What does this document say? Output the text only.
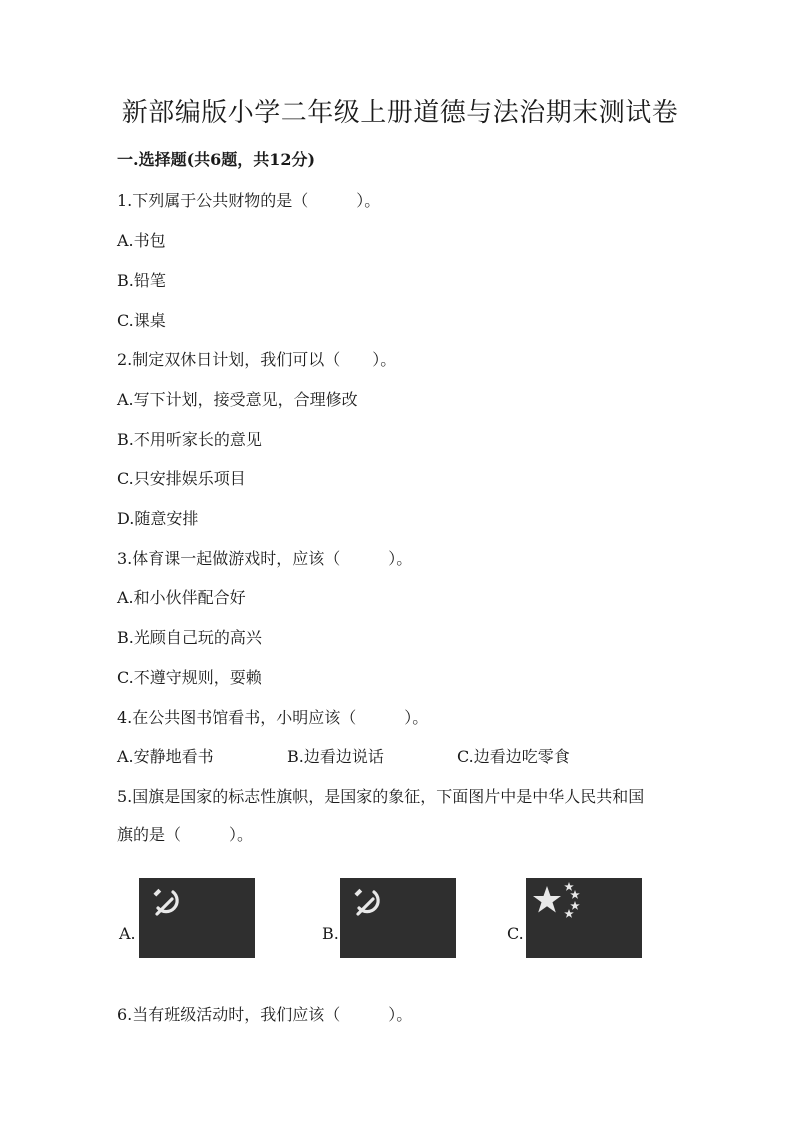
新部编版小学二年级上册道德与法治期末测试卷

一.选择题(共6题，共12分)

1.下列属于公共财物的是（　　　）。

A.书包

B.铅笔

C.课桌

2.制定双休日计划，我们可以（　　）。

A.写下计划，接受意见，合理修改

B.不用听家长的意见

C.只安排娱乐项目

D.随意安排

3.体育课一起做游戏时，应该（　　　）。

A.和小伙伴配合好

B.光顾自己玩的高兴

C.不遵守规则，耍赖

4.在公共图书馆看书，小明应该（　　　）。

A.安静地看书	B.边看边说话	C.边看边吃零食

5.国旗是国家的标志性旗帜，是国家的象征，下面图片中是中华人民共和国

旗的是（　　　）。

A.	B.	C.

6.当有班级活动时，我们应该（　　　）。
